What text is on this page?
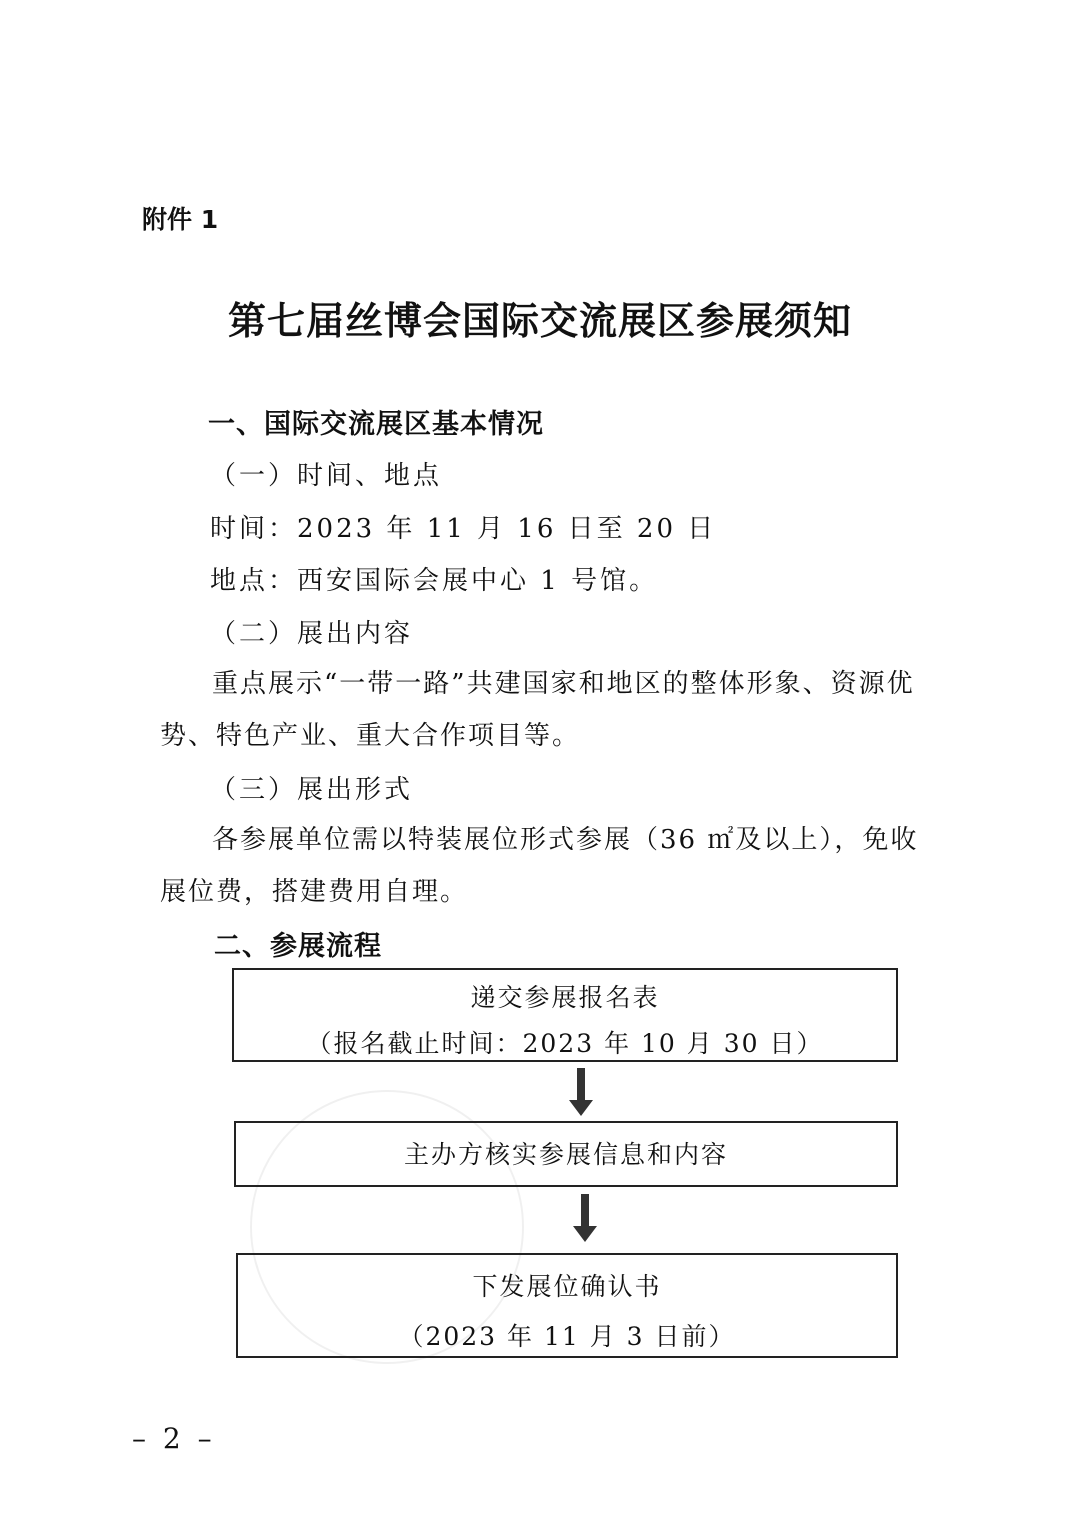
附件 1
第七届丝博会国际交流展区参展须知
一、国际交流展区基本情况
（一）时间、地点
时间：2023 年 11 月 16 日至 20 日
地点：西安国际会展中心 1 号馆。
（二）展出内容

重点展示“一带一路”共建国家和地区的整体形象、资源优势、特色产业、重大合作项目等。

（三）展出形式

各参展单位需以特装展位形式参展（36 ㎡及以上），免收展位费，搭建费用自理。

二、参展流程
递交参展报名表
（报名截止时间：2023 年 10 月 30 日）
主办方核实参展信息和内容
下发展位确认书
（2023 年 11 月 3 日前）
– 2 –
